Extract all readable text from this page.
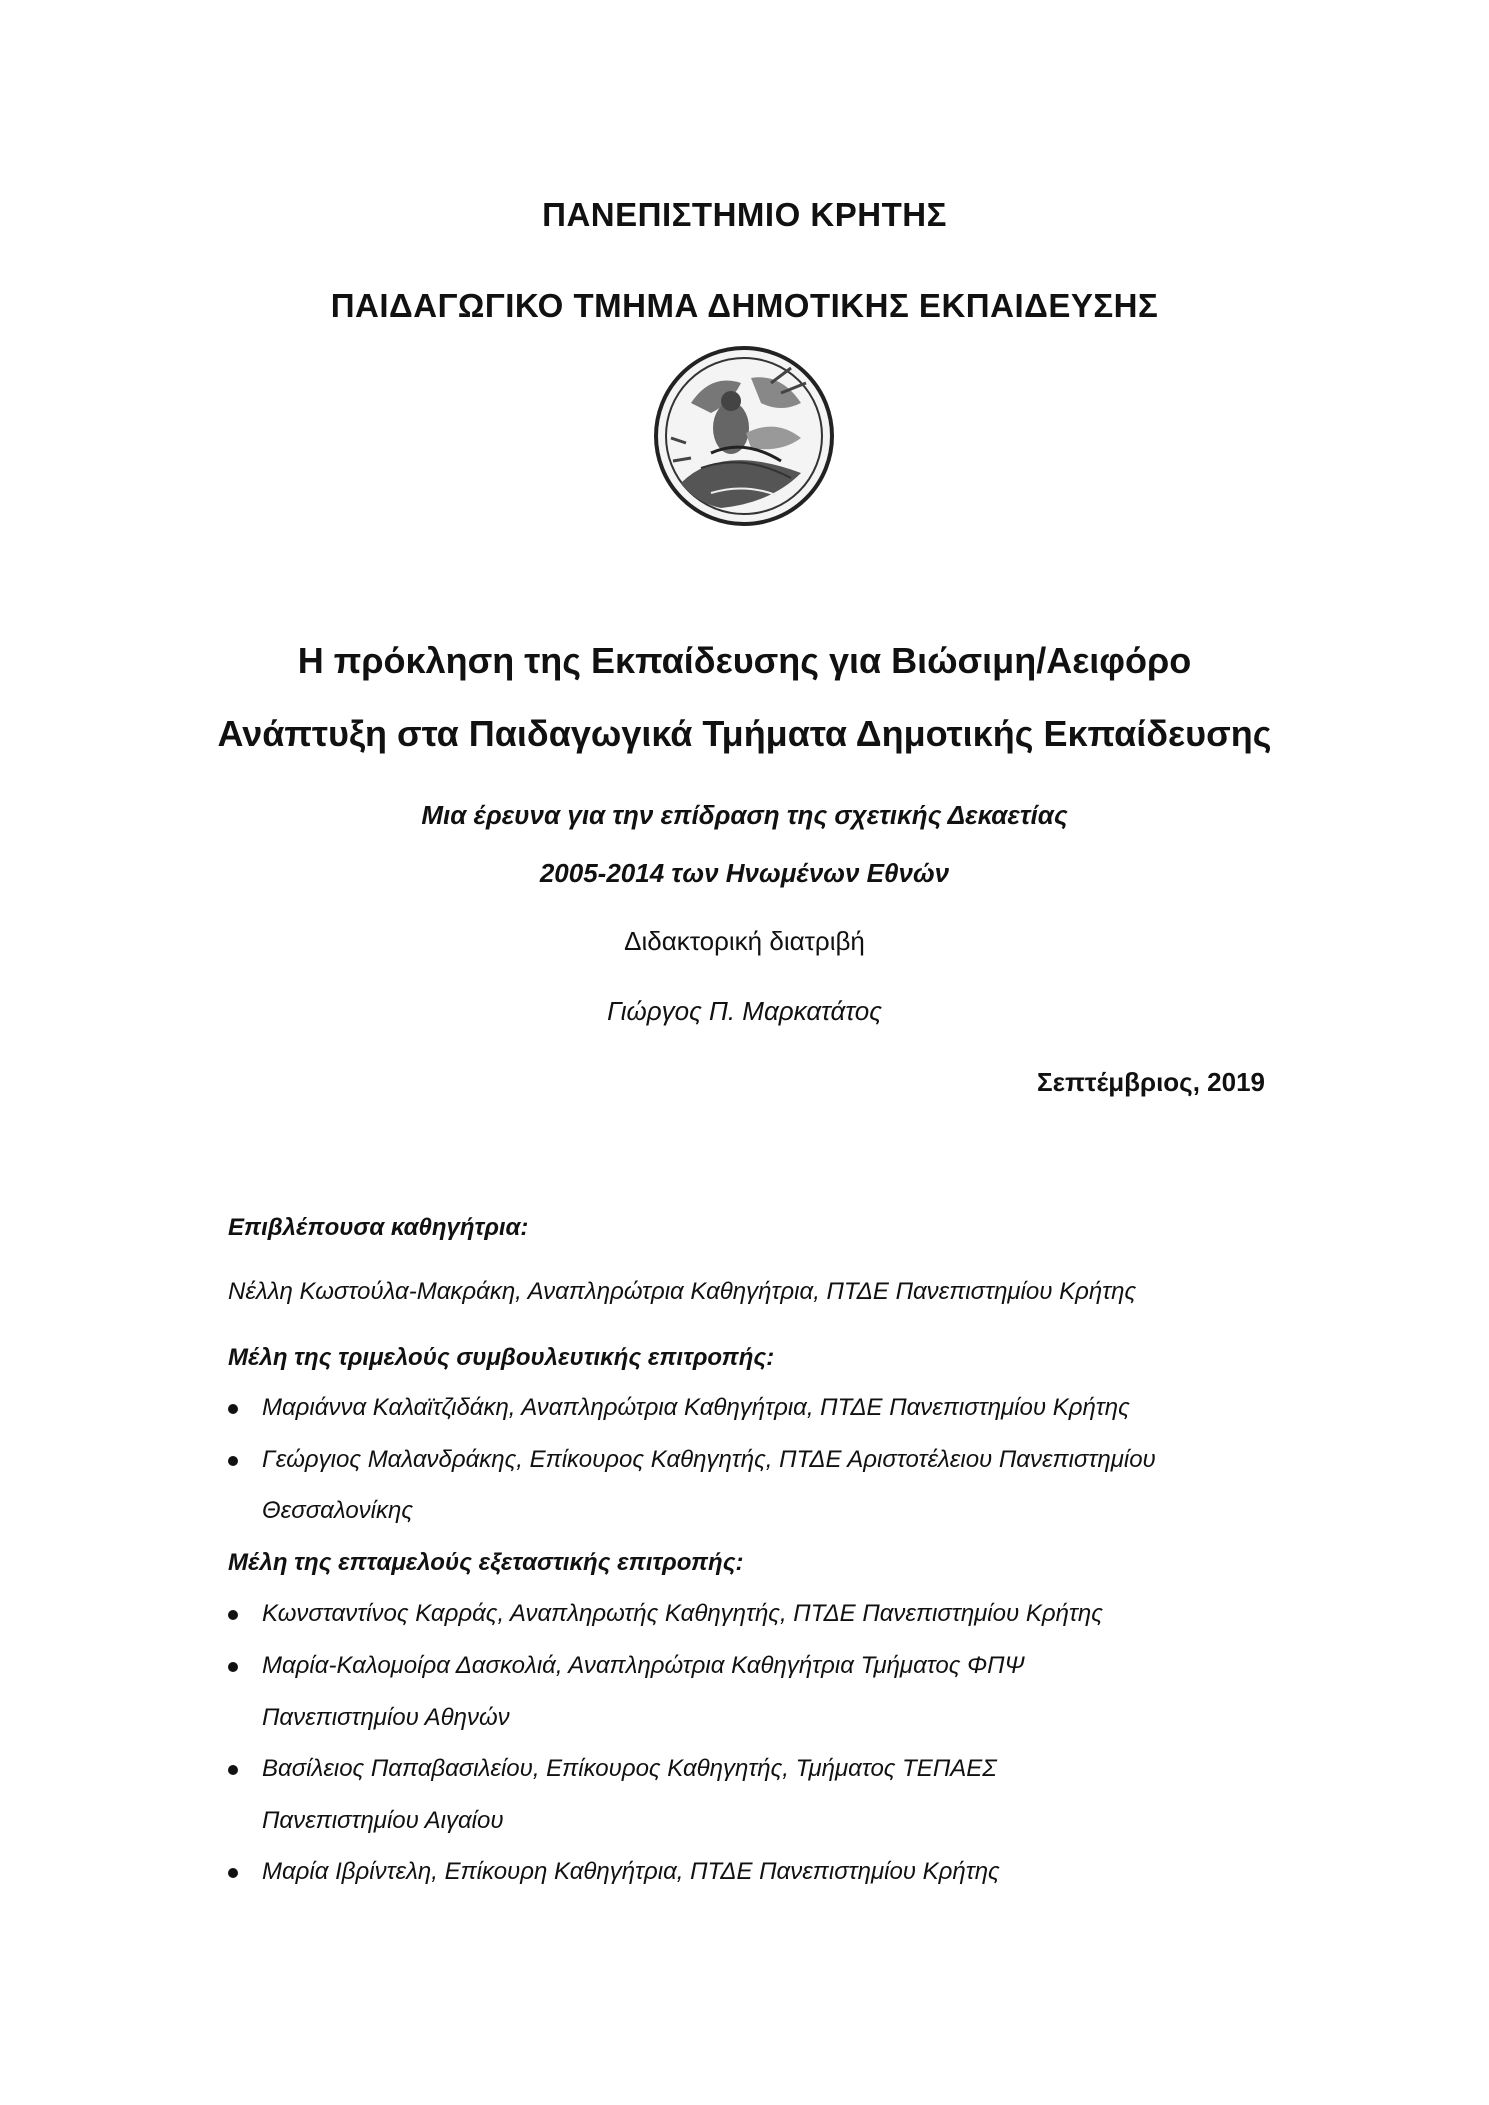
ΠΑΝΕΠΙΣΤΗΜΙΟ ΚΡΗΤΗΣ
ΠΑΙΔΑΓΩΓΙΚΟ ΤΜΗΜΑ ΔΗΜΟΤΙΚΗΣ ΕΚΠΑΙΔΕΥΣΗΣ
Η πρόκληση της Εκπαίδευσης για Βιώσιμη/Αειφόρο
Ανάπτυξη στα Παιδαγωγικά Τμήματα Δημοτικής Εκπαίδευσης
Μια έρευνα για την επίδραση της σχετικής Δεκαετίας
2005-2014 των Ηνωμένων Εθνών
Διδακτορική διατριβή
Γιώργος Π. Μαρκατάτος
Σεπτέμβριος, 2019
Επιβλέπουσα καθηγήτρια:
Νέλλη Κωστούλα-Μακράκη, Αναπληρώτρια Καθηγήτρια, ΠΤΔΕ Πανεπιστημίου Κρήτης
Μέλη της τριμελούς συμβουλευτικής επιτροπής:
Μαριάννα Καλαϊτζιδάκη, Αναπληρώτρια Καθηγήτρια, ΠΤΔΕ Πανεπιστημίου Κρήτης
Γεώργιος Μαλανδράκης, Επίκουρος Καθηγητής, ΠΤΔΕ Αριστοτέλειου Πανεπιστημίου
Θεσσαλονίκης
Μέλη της επταμελούς εξεταστικής επιτροπής:
Κωνσταντίνος Καρράς, Αναπληρωτής Καθηγητής, ΠΤΔΕ Πανεπιστημίου Κρήτης
Μαρία-Καλομοίρα Δασκολιά, Αναπληρώτρια Καθηγήτρια Τμήματος ΦΠΨ
Πανεπιστημίου Αθηνών
Βασίλειος Παπαβασιλείου, Επίκουρος Καθηγητής, Τμήματος ΤΕΠΑΕΣ
Πανεπιστημίου Αιγαίου
Μαρία Ιβρίντελη, Επίκουρη Καθηγήτρια, ΠΤΔΕ Πανεπιστημίου Κρήτης
